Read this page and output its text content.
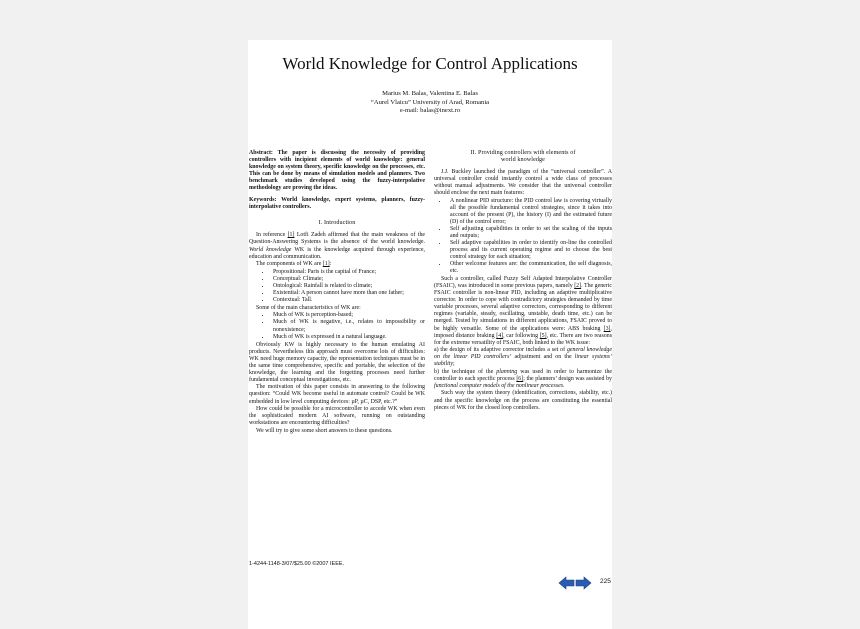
World Knowledge for Control Applications
Marius M. Balas, Valentina E. Balas
“Aurel Vlaicu” University of Arad, Romania
e-mail: balas@inext.ro

Abstract: The paper is discussing the necessity of providing controllers with incipient elements of world knowledge: general knowledge on system theory, specific knowledge on the processes, etc. This can be done by means of simulation models and planners. Two benchmark studies developed using the fuzzy-interpolative methodology are proving the ideas.

Keywords: World knowledge, expert systems, planners, fuzzy-interpolative controllers.

I. Introduction

In reference [1] Lotfi Zadeh affirmed that the main weakness of the Question-Answering Systems is the absence of the world knowledge. World knowledge WK is the knowledge acquired through experience, education and communication.

The components of WK are [1]:

• Propositional: Paris is the capital of France;
• Conceptual: Climate;
• Ontological: Rainfall is related to climate;
• Existential: A person cannot have more than one father;
• Contextual: Tall.

Some of the main characteristics of WK are:

• Much of WK is perception-based;
• Much of WK is negative, i.e., relates to impossibility or nonexistence;
• Much of WK is expressed in a natural language.

Obviously KW is highly necessary to the human emulating AI products. Nevertheless this approach must overcome lots of difficulties: WK need huge memory capacity, the representation techniques must be in the same time comprehensive, specific and portable, the selection of the knowledge, the learning and the forgetting processes need further fundamental conceptual investigations, etc.

The motivation of this paper consists in answering to the following question: “Could WK become useful in automate control? Could be WK embedded in low level computing devices: µP, µC, DSP, etc.?”

How could be possible for a microcontroller to accede WK when even the sophisticated modern AI software, running on outstanding workstations are encountering difficulties?

We will try to give some short answers to these questions.

II. Providing controllers with elements of
world knowledge

J.J. Buckley launched the paradigm of the “universal controller”. A universal controller could instantly control a wide class of processes without manual adjustments. We consider that the universal controller should enclose the next main features:

• A nonlinear PID structure: the PID control law is covering virtually all the possible fundamental control strategies, since it takes into account of the present (P), the history (I) and the estimated future (D) of the control error;
• Self adjusting capabilities in order to set the scaling of the inputs and outputs;
• Self adaptive capabilities in order to identify on-line the controlled process and its current operating regime and to choose the best control strategy for each situation;
• Other welcome features are: the communication, the self diagnosis, etc.

Such a controller, called Fuzzy Self Adapted Interpolative Controller (FSAIC), was introduced in some previous papers, namely [2]. The generic FSAIC controller is non-linear PID, including an adaptive multiplicative corrector. In order to cope with contradictory strategies demanded by time variable processes, several adaptive correctors, corresponding to different regimes (variable, steady, oscillating, unstable, death time, etc.) can be merged. Tested by simulations in different applications, FSAIC proved to be highly versatile. Some of the applications were: ABS braking [3], imposed distance braking [4], car following [5], etc. There are two reasons for the extreme versatility of FSAIC, both linked to the WK issue:

a) the design of its adaptive corrector includes a set of general knowledge on the linear PID controllers’ adjustment and on the linear systems’ stability;

b) the technique of the planning was used in order to harmonize the controller to each specific process [6]; the planners’ design was assisted by functional computer models of the nonlinear processes.

Such way the system theory (identification, corrections, stability, etc.) and the specific knowledge on the process are constituting the essential pieces of WK for the closed loop controllers.

1-4244-1148-3/07/$25.00 ©2007 IEEE.
225
